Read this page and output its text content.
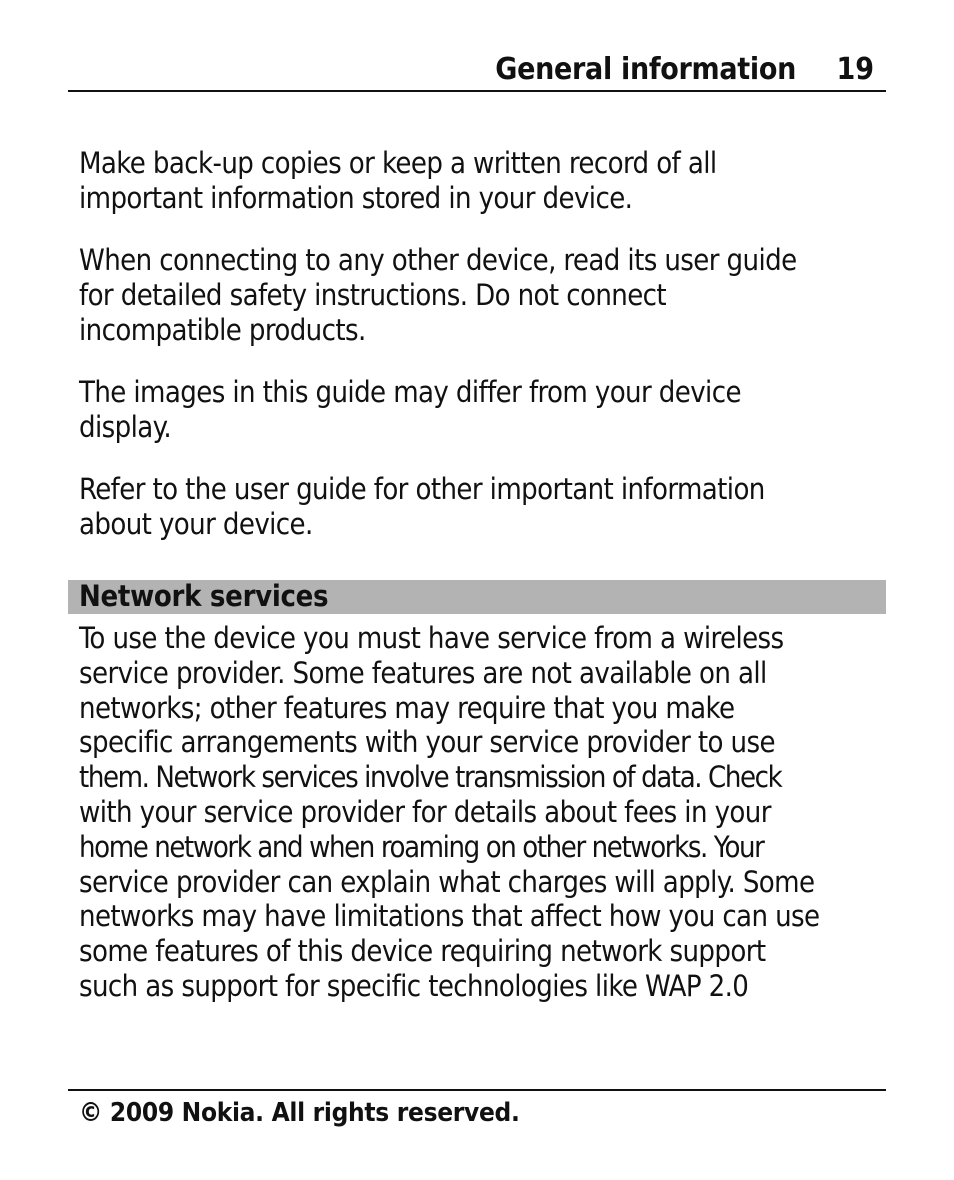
General information 19

Make back-up copies or keep a written record of all
important information stored in your device.

When connecting to any other device, read its user guide
for detailed safety instructions. Do not connect
incompatible products.

The images in this guide may differ from your device
display.

Refer to the user guide for other important information
about your device.

Network services
To use the device you must have service from a wireless
service provider. Some features are not available on all
networks; other features may require that you make
specific arrangements with your service provider to use
them. Network services involve transmission of data. Check
with your service provider for details about fees in your
home network and when roaming on other networks. Your
service provider can explain what charges will apply. Some
networks may have limitations that affect how you can use
some features of this device requiring network support
such as support for specific technologies like WAP 2.0
© 2009 Nokia. All rights reserved.
